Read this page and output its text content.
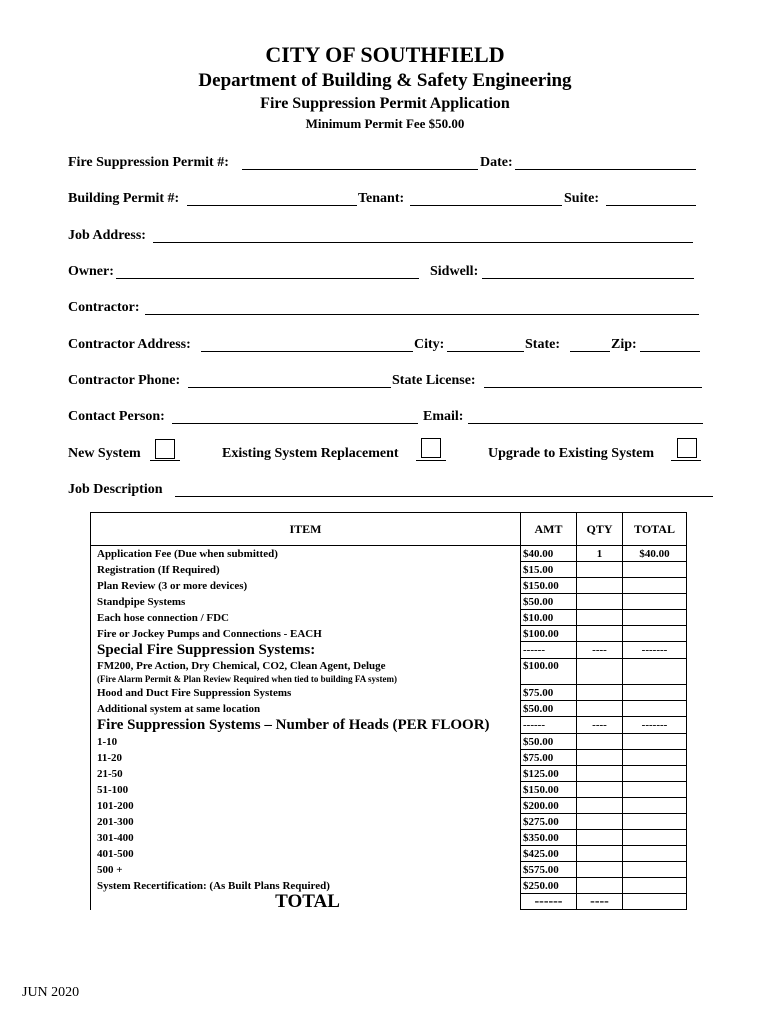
CITY OF SOUTHFIELD
Department of Building & Safety Engineering
Fire Suppression Permit Application
Minimum Permit Fee $50.00
Fire Suppression Permit #:	Date:
Building Permit #:	Tenant:	Suite:
Job Address:
Owner:	Sidwell:
Contractor:
Contractor Address:	City:	State:	Zip:
Contractor Phone:	State License:
Contact Person:	Email:
New System	Existing System Replacement	Upgrade to Existing System
Job Description
ITEM	AMT	QTY	TOTAL
Application Fee (Due when submitted)	$40.00	1	$40.00
Registration (If Required)	$15.00		
Plan Review (3 or more devices)	$150.00		
Standpipe Systems	$50.00		
Each hose connection / FDC	$10.00		
Fire or Jockey Pumps and Connections - EACH	$100.00		
Special Fire Suppression Systems:	------	----	-------
FM200, Pre Action, Dry Chemical, CO2, Clean Agent, Deluge
(Fire Alarm Permit & Plan Review Required when tied to building FA system)	$100.00		
Hood and Duct Fire Suppression Systems	$75.00		
Additional system at same location	$50.00		
Fire Suppression Systems – Number of Heads (PER FLOOR)	------	----	-------
1-10	$50.00		
11-20	$75.00		
21-50	$125.00		
51-100	$150.00		
101-200	$200.00		
201-300	$275.00		
301-400	$350.00		
401-500	$425.00		
500 +	$575.00		
System Recertification: (As Built Plans Required)	$250.00		
TOTAL	------	----	
JUN 2020
